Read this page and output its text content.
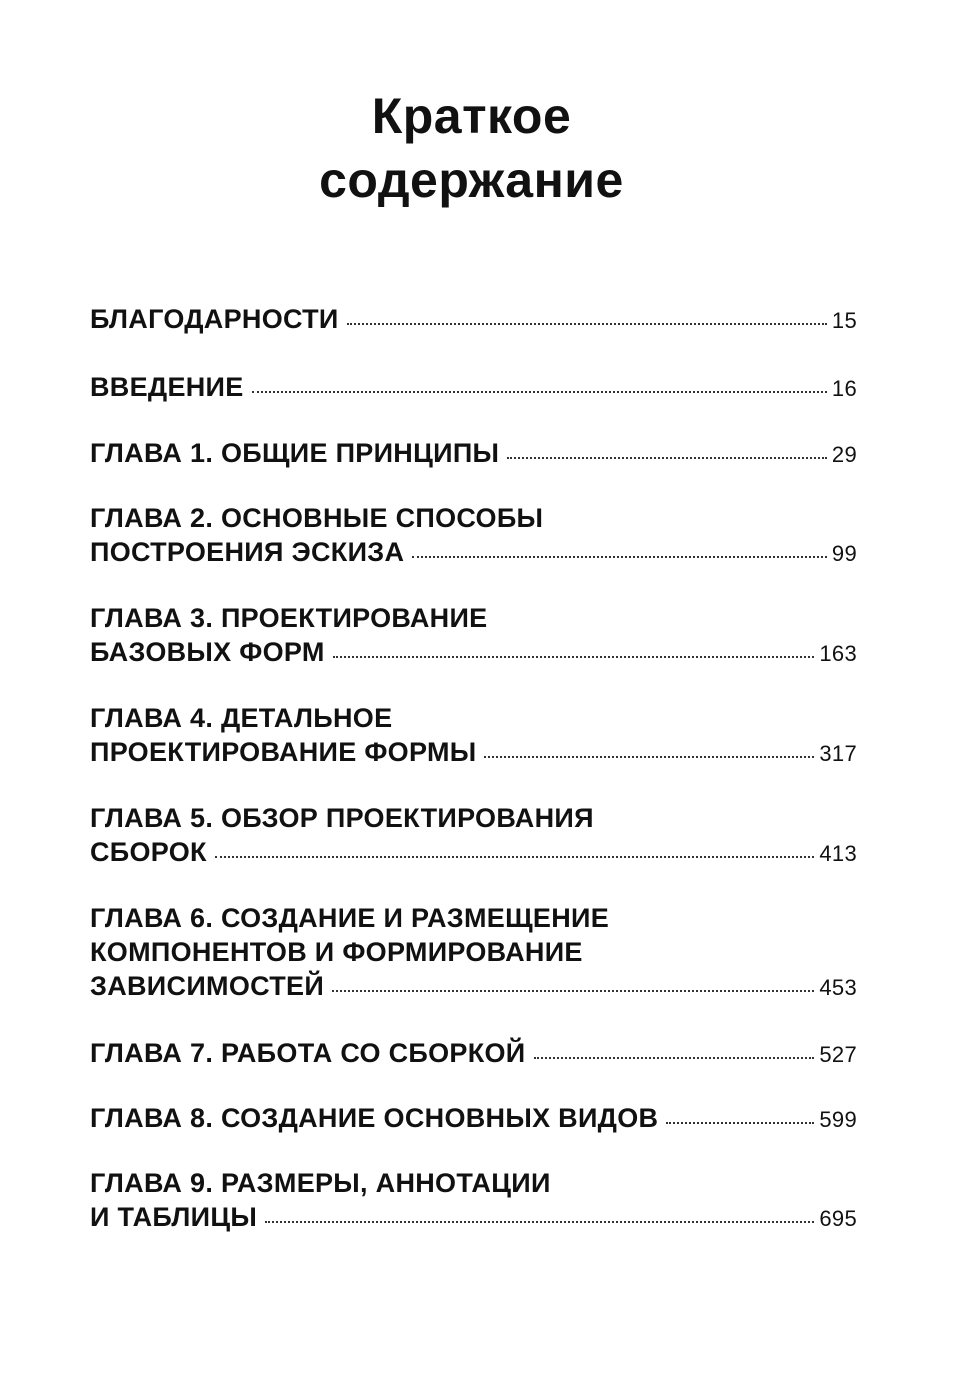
Краткое
содержание
БЛАГОДАРНОСТИ	15
ВВЕДЕНИЕ	16
ГЛАВА 1. ОБЩИЕ ПРИНЦИПЫ	29
ГЛАВА 2. ОСНОВНЫЕ СПОСОБЫ
ПОСТРОЕНИЯ ЭСКИЗА	99
ГЛАВА 3. ПРОЕКТИРОВАНИЕ
БАЗОВЫХ ФОРМ	163
ГЛАВА 4. ДЕТАЛЬНОЕ
ПРОЕКТИРОВАНИЕ ФОРМЫ	317
ГЛАВА 5. ОБЗОР ПРОЕКТИРОВАНИЯ
СБОРОК	413
ГЛАВА 6. СОЗДАНИЕ И РАЗМЕЩЕНИЕ
КОМПОНЕНТОВ И ФОРМИРОВАНИЕ
ЗАВИСИМОСТЕЙ	453
ГЛАВА 7. РАБОТА СО СБОРКОЙ	527
ГЛАВА 8. СОЗДАНИЕ ОСНОВНЫХ ВИДОВ	599
ГЛАВА 9. РАЗМЕРЫ, АННОТАЦИИ
И ТАБЛИЦЫ	695
